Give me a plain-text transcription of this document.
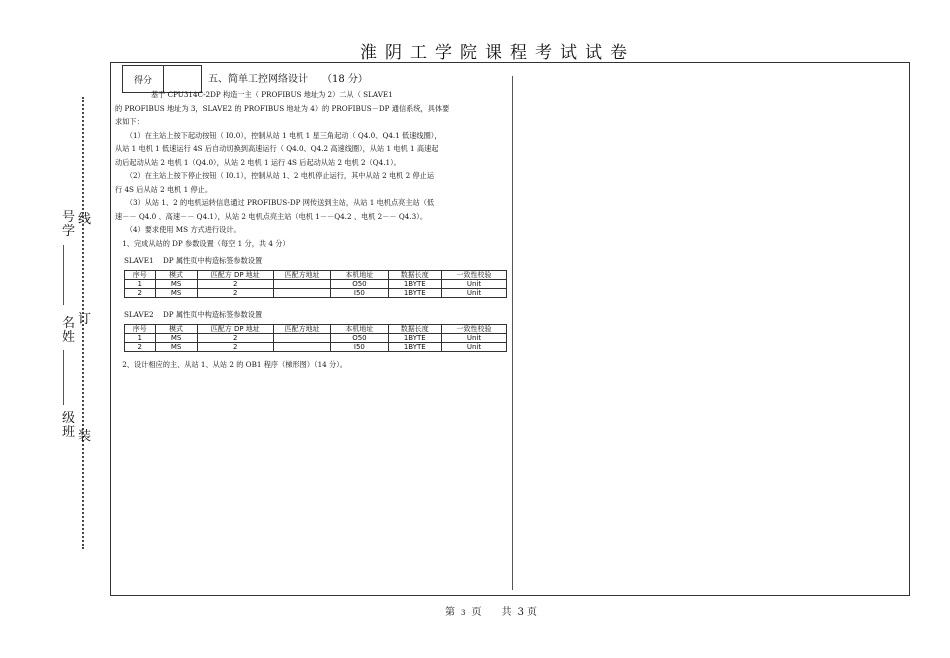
淮阴工学院课程考试试卷
线
订
装
号学
名姓
级班
得分	五、简单工控网络设计 （18 分）

　　　　　基于 CPU314C-2DP 构造一主（ PROFIBUS 地址为 2）二从（ SLAVE1

的 PROFIBUS 地址为 3，SLAVE2 的 PROFIBUS 地址为 4）的 PROFIBUS－DP 通信系统，具体要

求如下：

　　（1）在主站上按下起动按钮（ I0.0），控制从站 1 电机 1 星三角起动（ Q4.0、Q4.1 低速线圈），

从站 1 电机 1 低速运行 4S 后自动切换到高速运行（ Q4.0、Q4.2 高速线圈），从站 1 电机 1 高速起

动后起动从站 2 电机 1（Q4.0），从站 2 电机 1 运行 4S 后起动从站 2 电机 2（Q4.1）。

　　（2）在主站上按下停止按钮（ I0.1），控制从站 1、2 电机停止运行，其中从站 2 电机 2 停止运

行 4S 后从站 2 电机 1 停止。

　　（3）从站 1、2 的电机运转信息通过 PROFIBUS-DP 网传送到主站，从站 1 电机点亮主站（低

速－－ Q4.0 、高速－－ Q4.1），从站 2 电机点亮主站（电机 1－－Q4.2 、电机 2－－ Q4.3）。

　　（4）要求使用 MS 方式进行设计。

　1、完成从站的 DP 参数设置（每空 1 分，共 4 分）

SLAVE1　 DP 属性页中构造标签参数设置
序号	模式	匹配方 DP 地址	匹配方地址	本机地址	数据长度	一致性校验
1	MS	2		O50	1BYTE	Unit
2	MS	2		I50	1BYTE	Unit
SLAVE2　 DP 属性页中构造标签参数设置
序号	模式	匹配方 DP 地址	匹配方地址	本机地址	数据长度	一致性校验
1	MS	2		O50	1BYTE	Unit
2	MS	2		I50	1BYTE	Unit

　2、设计相应的主、从站 1、从站 2 的 OB1 程序（梯形图）（14 分）。

第 3 页　　共 3 页
